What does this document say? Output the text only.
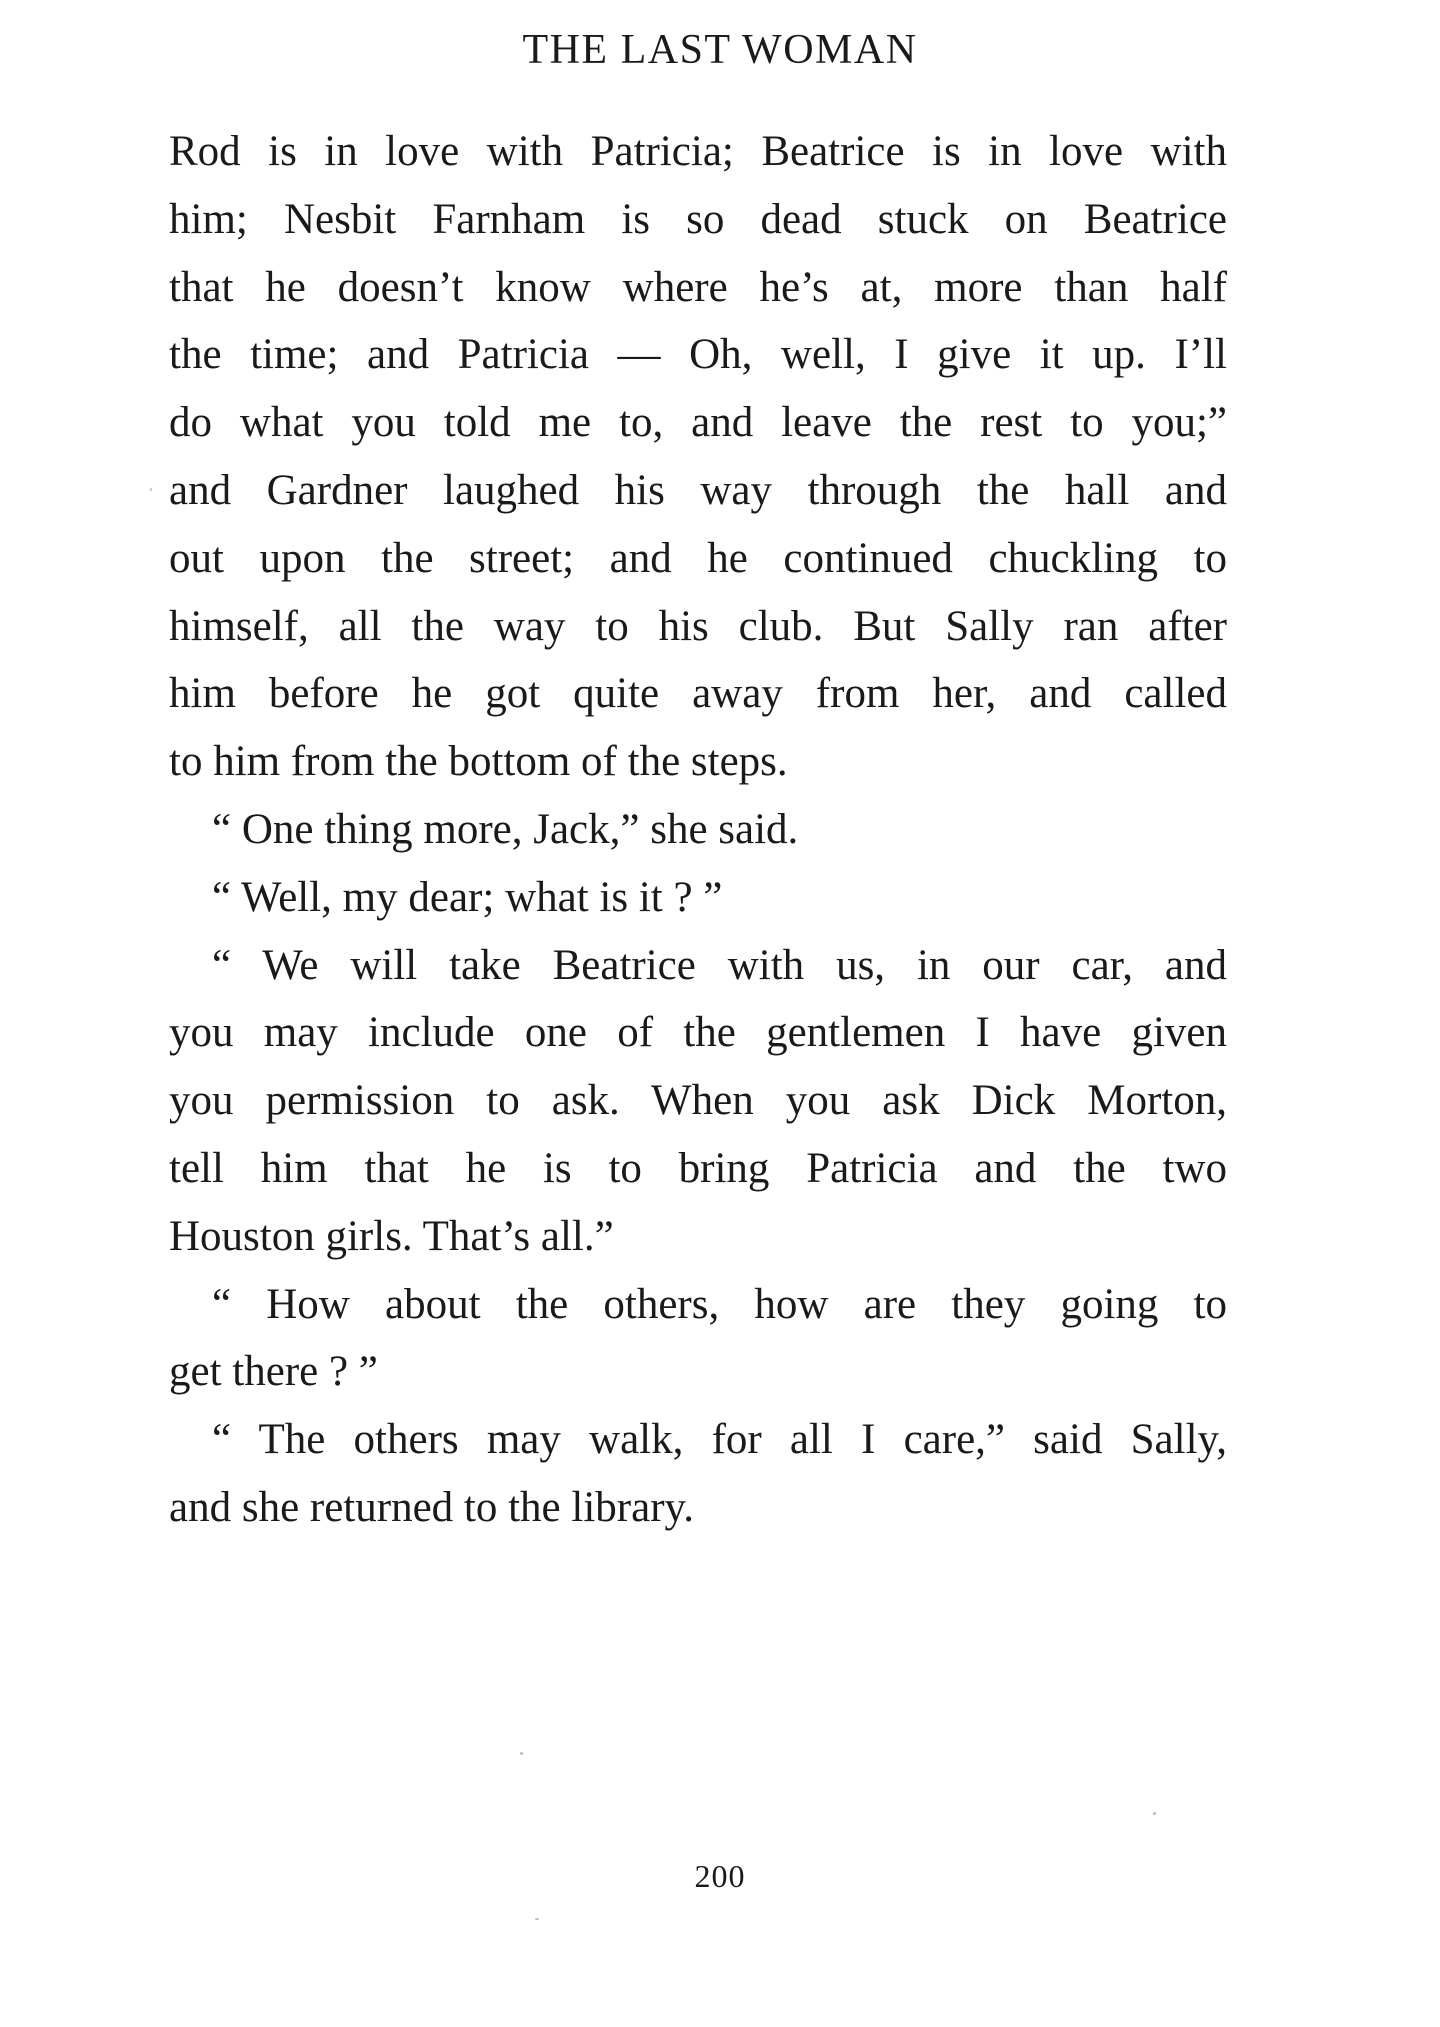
THE LAST WOMAN
Rod is in love with Patricia; Beatrice is in love with
him; Nesbit Farnham is so dead stuck on Beatrice
that he doesn’t know where he’s at, more than half
the time; and Patricia — Oh, well, I give it up. I’ll
do what you told me to, and leave the rest to you;”
and Gardner laughed his way through the hall and
out upon the street; and he continued chuckling to
himself, all the way to his club. But Sally ran after
him before he got quite away from her, and called
to him from the bottom of the steps.
“ One thing more, Jack,” she said.
“ Well, my dear; what is it ? ”
“ We will take Beatrice with us, in our car, and
you may include one of the gentlemen I have given
you permission to ask. When you ask Dick Morton,
tell him that he is to bring Patricia and the two
Houston girls. That’s all.”
“ How about the others, how are they going to
get there ? ”
“ The others may walk, for all I care,” said Sally,
and she returned to the library.
200
